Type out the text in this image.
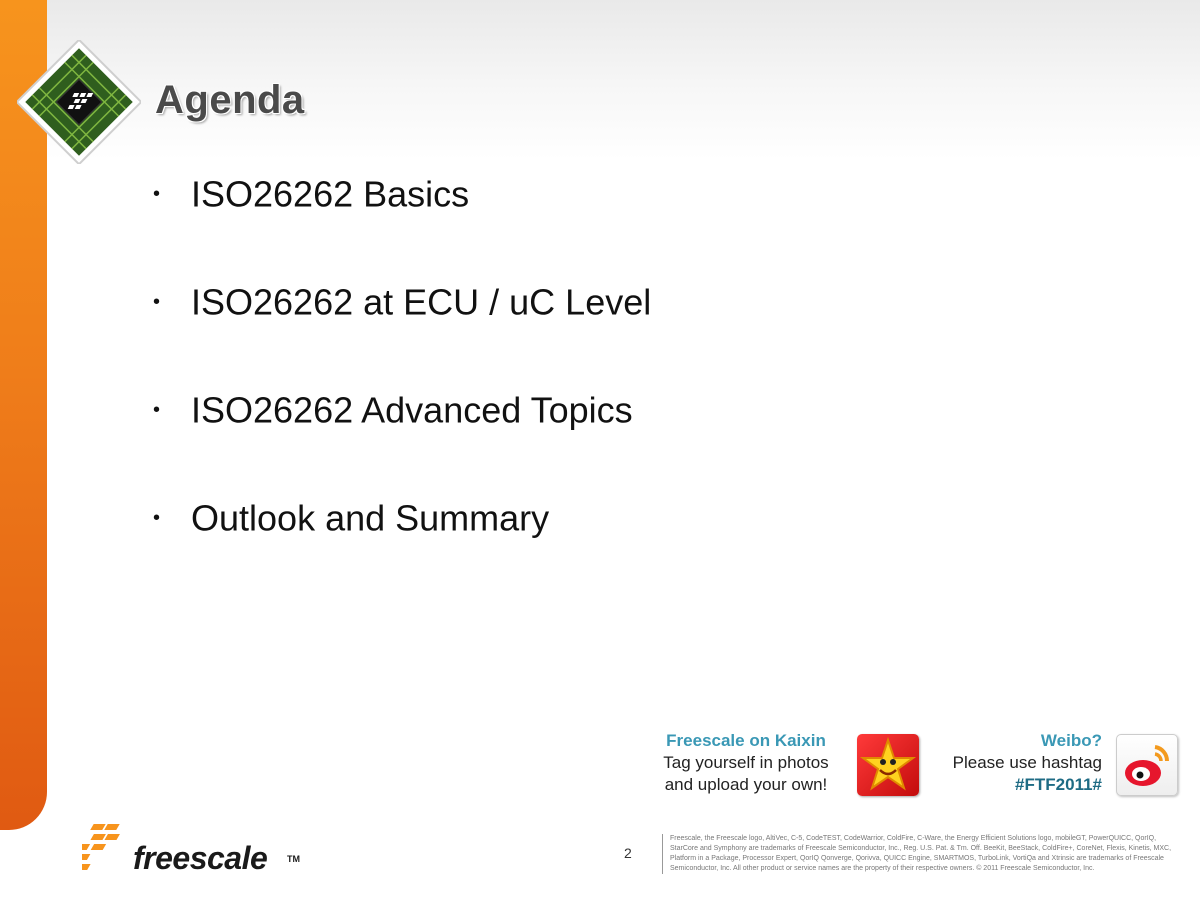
Agenda
• ISO26262 Basics
• ISO26262 at ECU / uC Level
• ISO26262 Advanced Topics
• Outlook and Summary
Freescale on Kaixin
Tag yourself in photos
and upload your own!
Weibo?
Please use hashtag
#FTF2011#
2
Freescale, the Freescale logo, AltiVec, C-5, CodeTEST, CodeWarrior, ColdFire, C-Ware, the Energy Efficient Solutions logo, mobileGT, PowerQUICC, QorIQ, StarCore and Symphony are trademarks of Freescale Semiconductor, Inc., Reg. U.S. Pat. & Tm. Off. BeeKit, BeeStack, ColdFire+, CoreNet, Flexis, Kinetis, MXC, Platform in a Package, Processor Expert, QorIQ Qonverge, Qorivva, QUICC Engine, SMARTMOS, TurboLink, VortiQa and Xtrinsic are trademarks of Freescale Semiconductor, Inc. All other product or service names are the property of their respective owners. © 2011 Freescale Semiconductor, Inc.
freescale TM
